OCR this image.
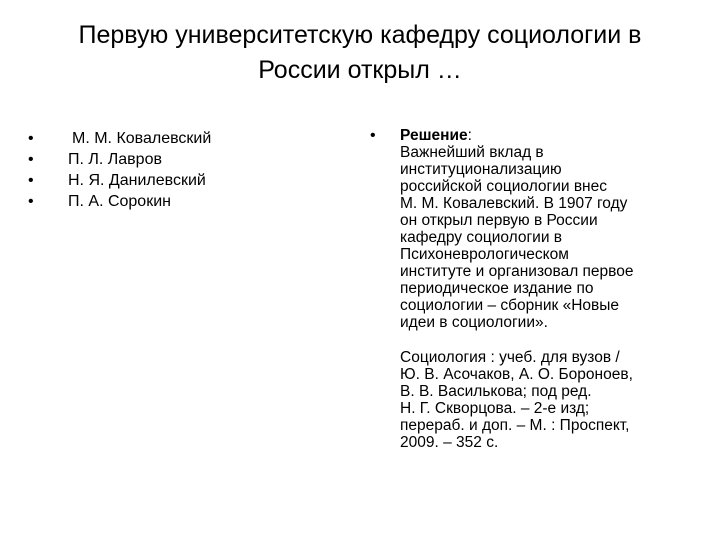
Первую университетскую кафедру социологии в
России открыл …
• М. М. Ковалевский
• П. Л. Лавров
• Н. Я. Данилевский
• П. А. Сорокин
• Решение:
Важнейший вклад в
институционализацию
российской социологии внес
М. М. Ковалевский. В 1907 году
он открыл первую в России
кафедру социологии в
Психоневрологическом
институте и организовал первое
периодическое издание по
социологии – сборник «Новые
идеи в социологии».
Социология : учеб. для вузов /
Ю. В. Асочаков, А. О. Бороноев,
В. В. Василькова; под ред.
Н. Г. Скворцова. – 2-е изд;
перераб. и доп. – М. : Проспект,
2009. – 352 с.
